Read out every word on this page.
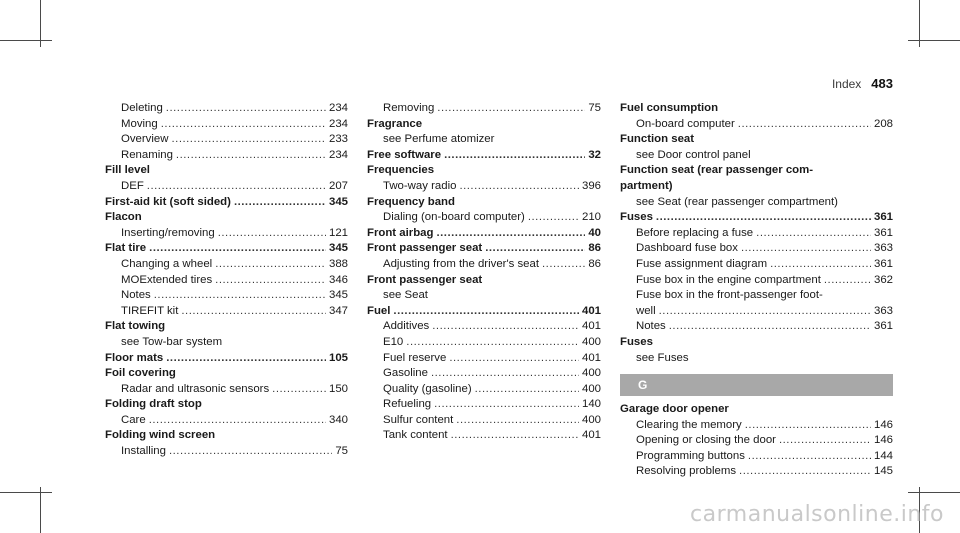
Index 483
Deleting .....	234
Moving .....	234
Overview .....	233
Renaming .....	234
Fill level
DEF .....	207
First-aid kit (soft sided) .....	345
Flacon
Inserting/removing .....	121
Flat tire .....	345
Changing a wheel .....	388
MOExtended tires .....	346
Notes .....	345
TIREFIT kit .....	347
Flat towing
see Tow-bar system
Floor mats .....	105
Foil covering
Radar and ultrasonic sensors .....	150
Folding draft stop
Care .....	340
Folding wind screen
Installing .....	75
Removing .....	75
Fragrance
see Perfume atomizer
Free software .....	32
Frequencies
Two-way radio .....	396
Frequency band
Dialing (on-board computer) .....	210
Front airbag .....	40
Front passenger seat .....	86
Adjusting from the driver's seat .....	86
Front passenger seat
see Seat
Fuel .....	401
Additives .....	401
E10 .....	400
Fuel reserve .....	401
Gasoline .....	400
Quality (gasoline) .....	400
Refueling .....	140
Sulfur content .....	400
Tank content .....	401
Fuel consumption
On-board computer .....	208
Function seat
see Door control panel
Function seat (rear passenger com-
partment)
see Seat (rear passenger compartment)
Fuses .....	361
Before replacing a fuse .....	361
Dashboard fuse box .....	363
Fuse assignment diagram .....	361
Fuse box in the engine compartment .....	362
Fuse box in the front-passenger foot-
well .....	363
Notes .....	361
Fuses
see Fuses
G
Garage door opener
Clearing the memory .....	146
Opening or closing the door .....	146
Programming buttons .....	144
Resolving problems .....	145
carmanualsonline.info
